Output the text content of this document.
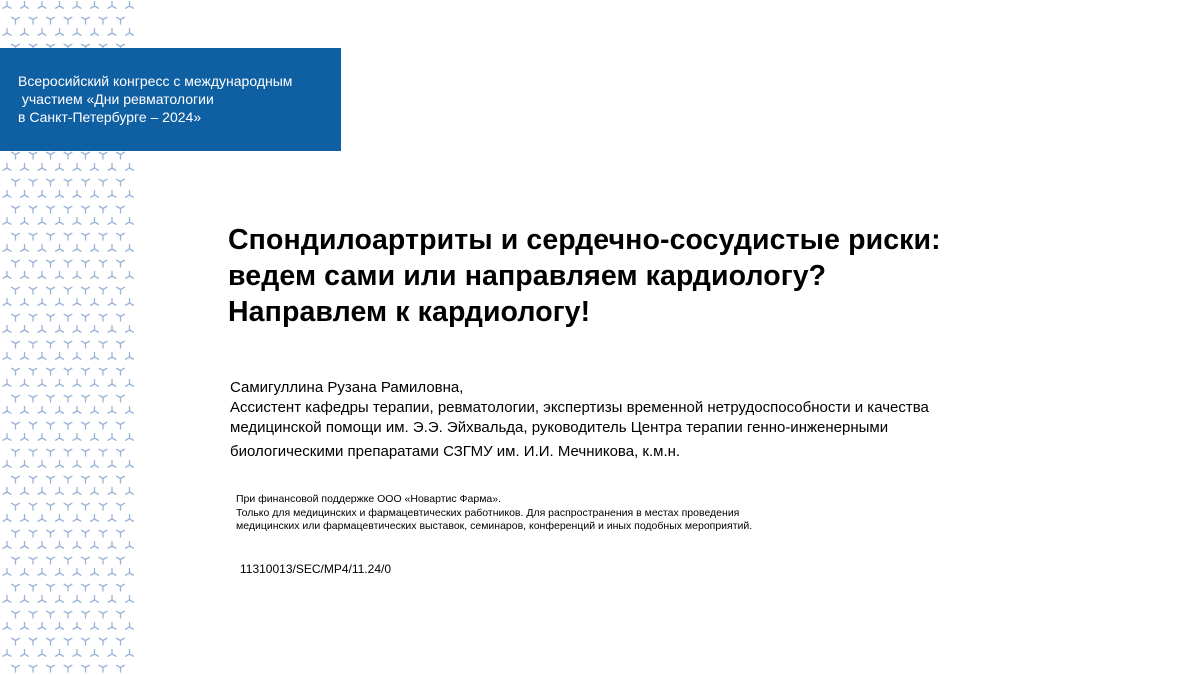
Всеросийский конгресс с международным
участием «Дни ревматологии
в Санкт-Петербурге – 2024»
Спондилоартриты и сердечно-сосудистые риски:
ведем сами или направляем кардиологу?
Направлем к кардиологу!
Самигуллина Рузана Рамиловна,
Ассистент кафедры терапии, ревматологии, экспертизы временной нетрудоспособности и качества
медицинской помощи им. Э.Э. Эйхвальда, руководитель Центра терапии генно-инженерными
биологическими препаратами СЗГМУ им. И.И. Мечникова, к.м.н.
При финансовой поддержке ООО «Новартис Фарма».
Только для медицинских и фармацевтических работников. Для распространения в местах проведения
медицинских или фармацевтических выставок, семинаров, конференций и иных подобных мероприятий.
11310013/SEC/MP4/11.24/0
